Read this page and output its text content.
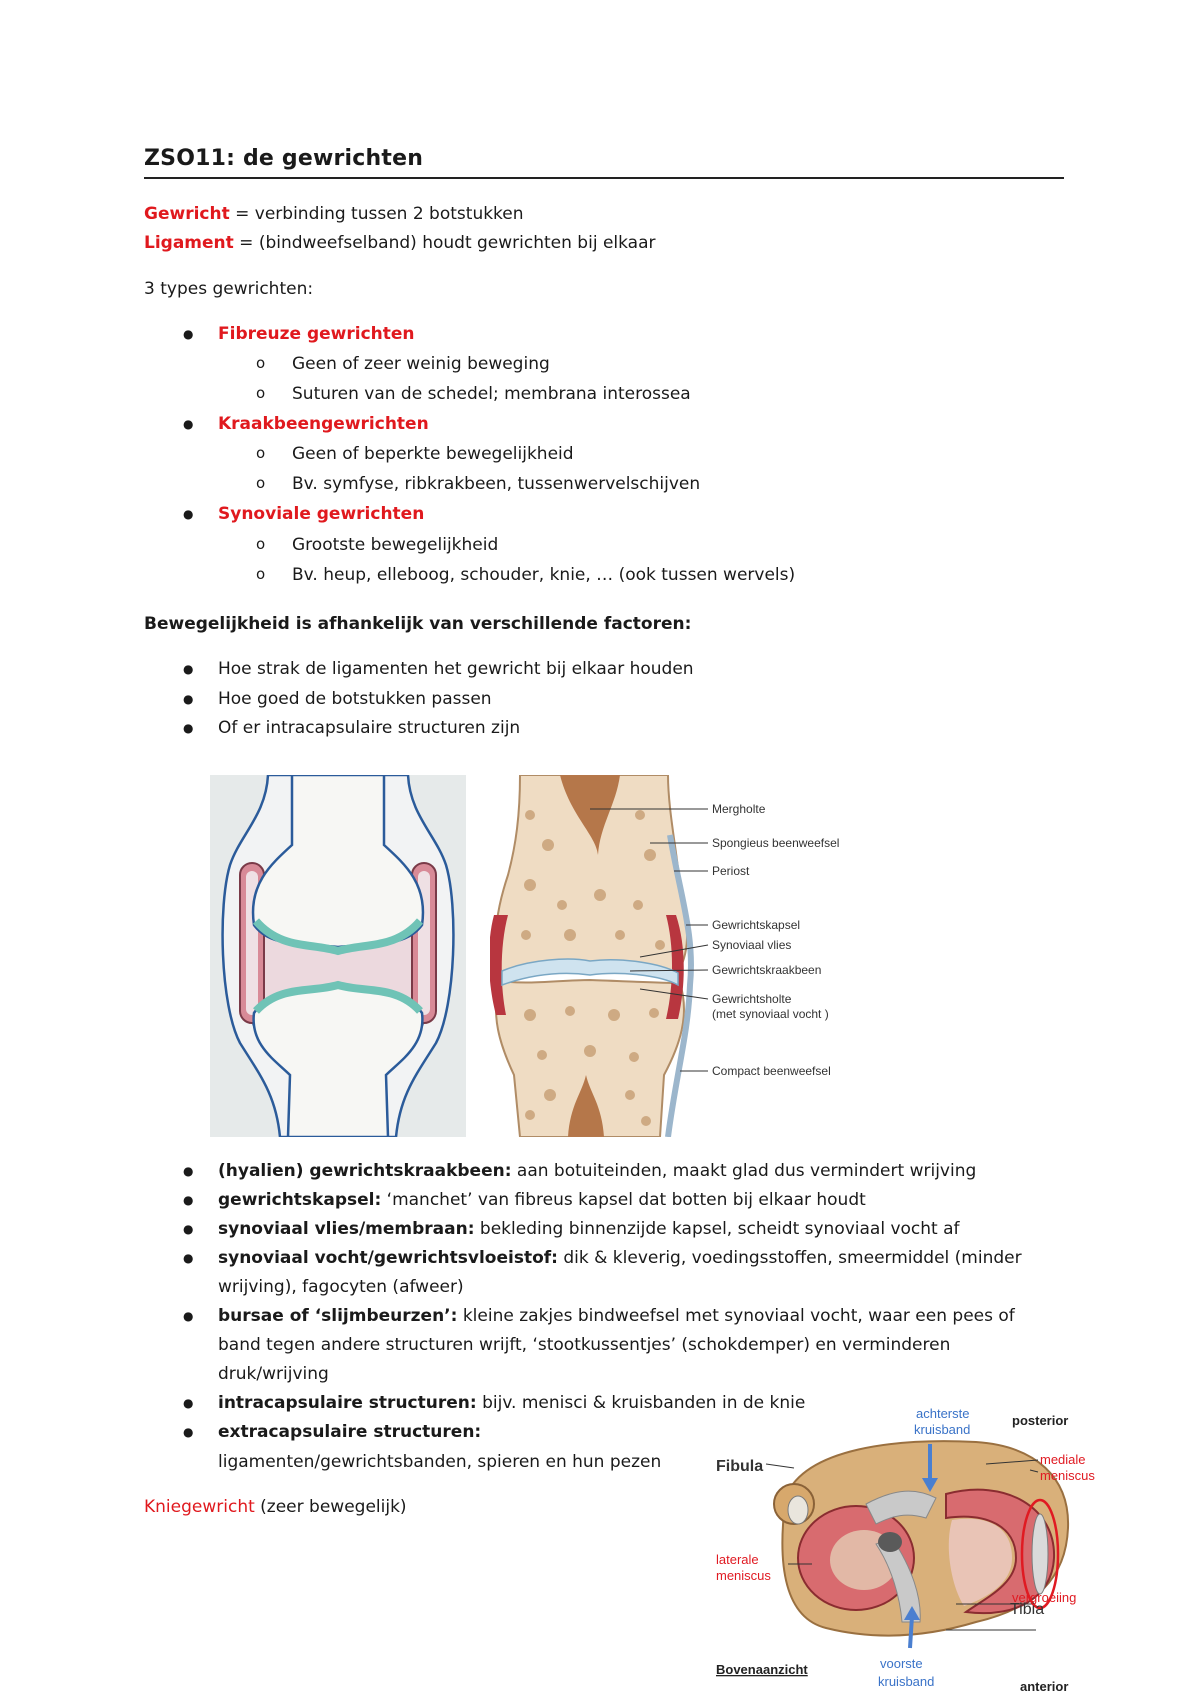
ZSO11: de gewrichten
Gewricht = verbinding tussen 2 botstukken
Ligament = (bindweefselband) houdt gewrichten bij elkaar
3 types gewrichten:
● Fibreuze gewrichten
o Geen of zeer weinig beweging
o Suturen van de schedel; membrana interossea
● Kraakbeengewrichten
o Geen of beperkte bewegelijkheid
o Bv. symfyse, ribkrakbeen, tussenwervelschijven
● Synoviale gewrichten
o Grootste bewegelijkheid
o Bv. heup, elleboog, schouder, knie, … (ook tussen wervels)
Bewegelijkheid is afhankelijk van verschillende factoren:
● Hoe strak de ligamenten het gewricht bij elkaar houden
● Hoe goed de botstukken passen
● Of er intracapsulaire structuren zijn
Mergholte
Spongieus beenweefsel
Periost
Gewrichtskapsel
Synoviaal vlies
Gewrichtskraakbeen
Gewrichtsholte
(met synoviaal vocht )
Compact beenweefsel
● (hyalien) gewrichtskraakbeen: aan botuiteinden, maakt glad dus vermindert wrijving
● gewrichtskapsel: ‘manchet’ van fibreus kapsel dat botten bij elkaar houdt
● synoviaal vlies/membraan: bekleding binnenzijde kapsel, scheidt synoviaal vocht af
● synoviaal vocht/gewrichtsvloeistof: dik & kleverig, voedingsstoffen, smeermiddel (minder
wrijving), fagocyten (afweer)
● bursae of ‘slijmbeurzen’: kleine zakjes bindweefsel met synoviaal vocht, waar een pees of
band tegen andere structuren wrijft, ‘stootkussentjes’ (schokdemper) en verminderen
druk/wrijving
● intracapsulaire structuren: bijv. menisci & kruisbanden in de knie
● extracapsulaire structuren:
ligamenten/gewrichtsbanden, spieren en hun pezen
Kniegewricht (zeer bewegelijk)
Fibula
Tibia
posterior
anterior
Bovenaanzicht
achterste
kruisband
voorste
kruisband
mediale
meniscus
laterale
meniscus
vergroeiing
